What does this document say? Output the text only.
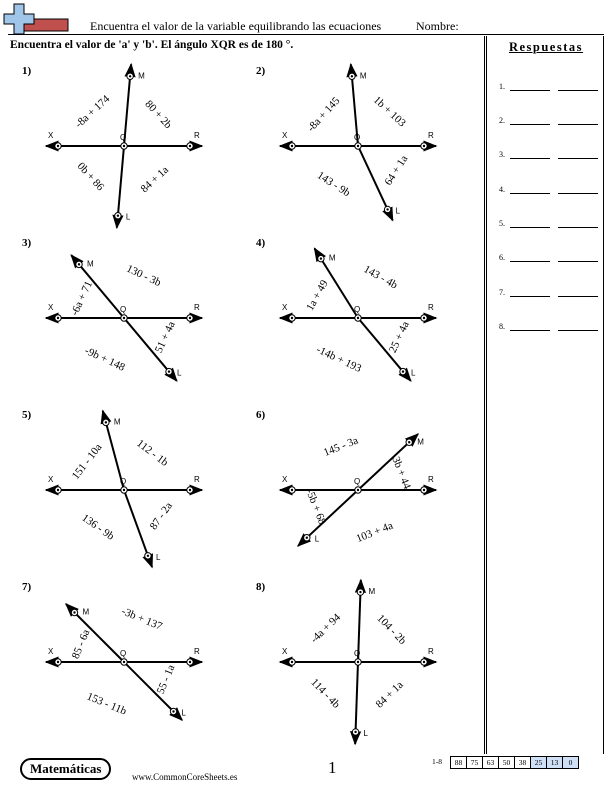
Encuentra el valor de la variable equilibrando las ecuaciones	Nombre:
Encuentra el valor de 'a' y 'b'. El ángulo XQR es de 180 °.	Respuestas
1.
2.
3.
4.
5.
6.
7.
8.
1)
X	R
Q
M
L
-8a + 174	80 + 2b
0b + 86	84 + 1a
2)
X	R
Q
M
L
-8a + 145	1b + 103
143 - 9b	64 + 1a
3)
X	R
Q
M
L
-6a + 71
130 - 3b
-9b + 148
51 + 4a
4)
X	R
Q
M
L
1a + 49
143 - 4b
-14b + 193
25 + 4a
5)
X	R
Q
M
L
151 - 10a	112 - 1b
136 - 9b	87 - 2a
6)
X	R
Q
M
L
145 - 3a
3b + 44
-5b + 68
103 + 4a
7)
X	R
Q
M
L
85 - 6a
-3b + 137
153 - 11b
55 - 1a
8)
X	R
Q
M
L
-4a + 94	104 - 2b
114 - 4b	84 + 1a
Matemáticas
www.CommonCoreSheets.es	1	1-8	88	75	63	50	38	25	13	0
